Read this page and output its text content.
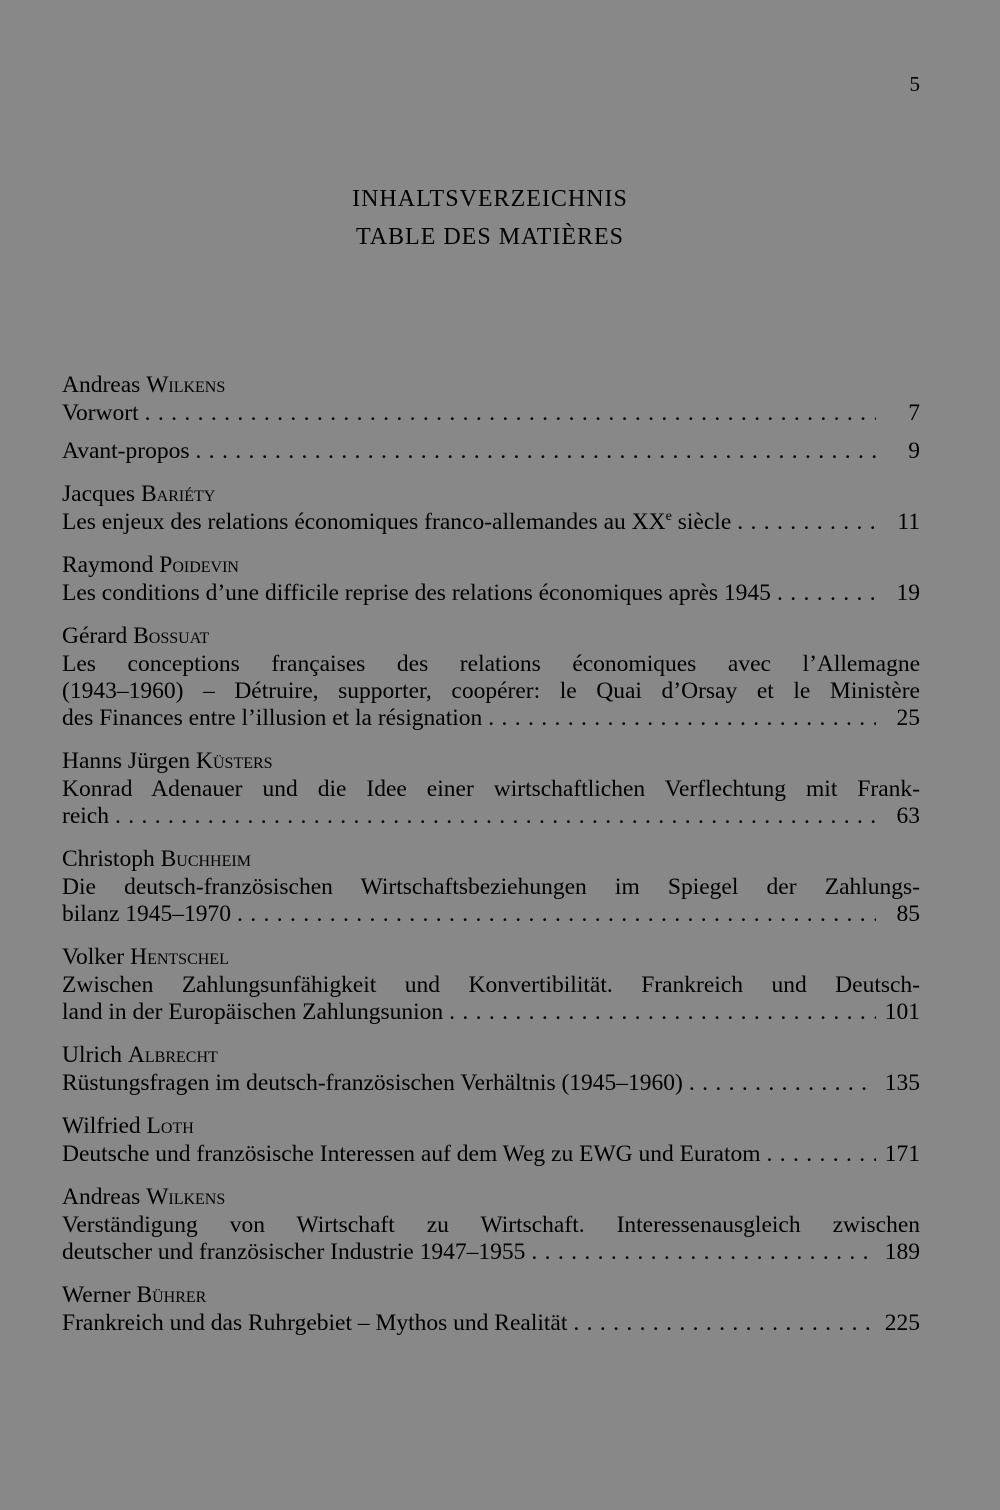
5
INHALTSVERZEICHNIS
TABLE DES MATIÈRES
Andreas Wilkens
Vorwort . . .	7
Avant-propos . . .	9
Jacques Bariéty
Les enjeux des relations économiques franco-allemandes au XXe siècle . . .	11
Raymond Poidevin
Les conditions d’une difficile reprise des relations économiques après 1945 . . .	19
Gérard Bossuat
Les conceptions françaises des relations économiques avec l’Allemagne
(1943–1960) – Détruire, supporter, coopérer: le Quai d’Orsay et le Ministère
des Finances entre l’illusion et la résignation . . .	25
Hanns Jürgen Küsters
Konrad Adenauer und die Idee einer wirtschaftlichen Verflechtung mit Frank-
reich . . .	63
Christoph Buchheim
Die deutsch-französischen Wirtschaftsbeziehungen im Spiegel der Zahlungs-
bilanz 1945–1970 . . .	85
Volker Hentschel
Zwischen Zahlungsunfähigkeit und Konvertibilität. Frankreich und Deutsch-
land in der Europäischen Zahlungsunion . . .	101
Ulrich Albrecht
Rüstungsfragen im deutsch-französischen Verhältnis (1945–1960) . . .	135
Wilfried Loth
Deutsche und französische Interessen auf dem Weg zu EWG und Euratom . . .	171
Andreas Wilkens
Verständigung von Wirtschaft zu Wirtschaft. Interessenausgleich zwischen
deutscher und französischer Industrie 1947–1955 . . .	189
Werner Bührer
Frankreich und das Ruhrgebiet – Mythos und Realität . . .	225
